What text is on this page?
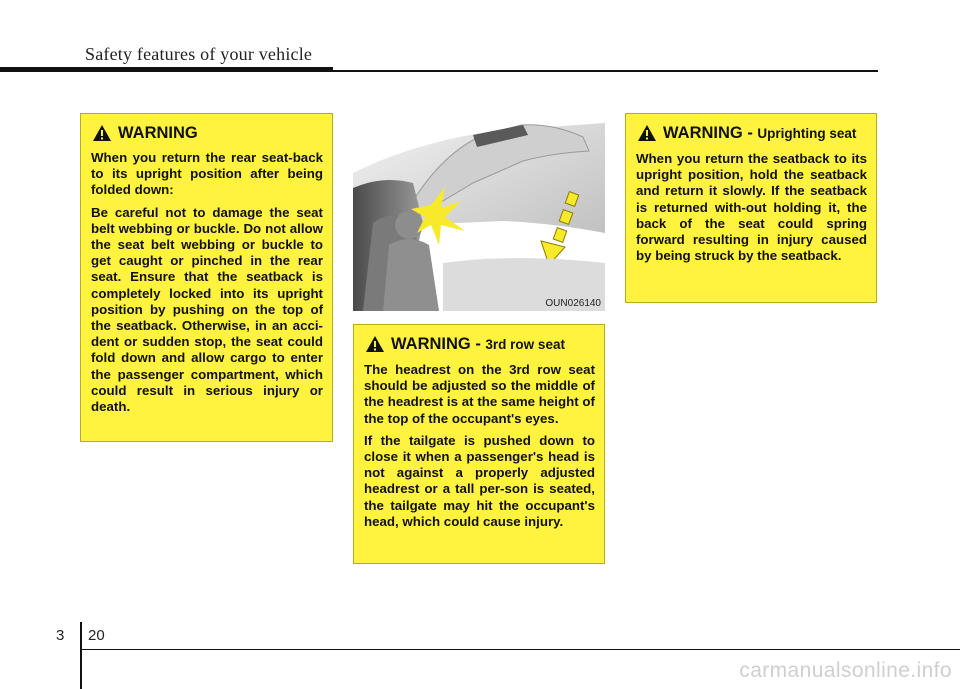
Safety features of your vehicle
WARNING

When you return the rear seat-back to its upright position after being folded down:

Be careful not to damage the seat belt webbing or buckle. Do not allow the seat belt webbing or buckle to get caught or pinched in the rear seat. Ensure that the seatback is completely locked into its upright position by pushing on the top of the seatback. Otherwise, in an acci-dent or sudden stop, the seat could fold down and allow cargo to enter the passenger compartment, which could result in serious injury or death.

OUN026140
WARNING - 3rd row seat

The headrest on the 3rd row seat should be adjusted so the middle of the headrest is at the same height of the top of the occupant's eyes.

If the tailgate is pushed down to close it when a passenger's head is not against a properly adjusted headrest or a tall per-son is seated, the tailgate may hit the occupant's head, which could cause injury.

WARNING - Uprighting seat

When you return the seatback to its upright position, hold the seatback and return it slowly. If the seatback is returned with-out holding it, the back of the seat could spring forward resulting in injury caused by being struck by the seatback.

3 20
carmanualsonline.info
